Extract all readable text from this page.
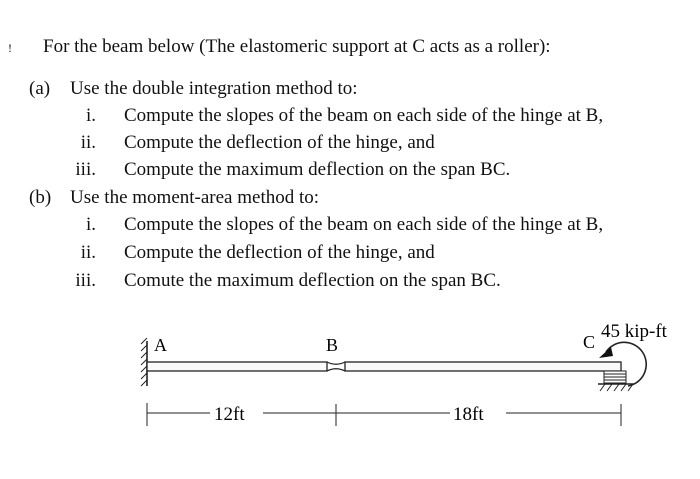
! For the beam below (The elastomeric support at C acts as a roller):
(a) Use the double integration method to:
i. Compute the slopes of the beam on each side of the hinge at B,
ii. Compute the deflection of the hinge, and
iii. Compute the maximum deflection on the span BC.
(b) Use the moment-area method to:
i. Compute the slopes of the beam on each side of the hinge at B,
ii. Compute the deflection of the hinge, and
iii. Comute the maximum deflection on the span BC.
A	B	C 45 kip-ft
12ft	18ft
